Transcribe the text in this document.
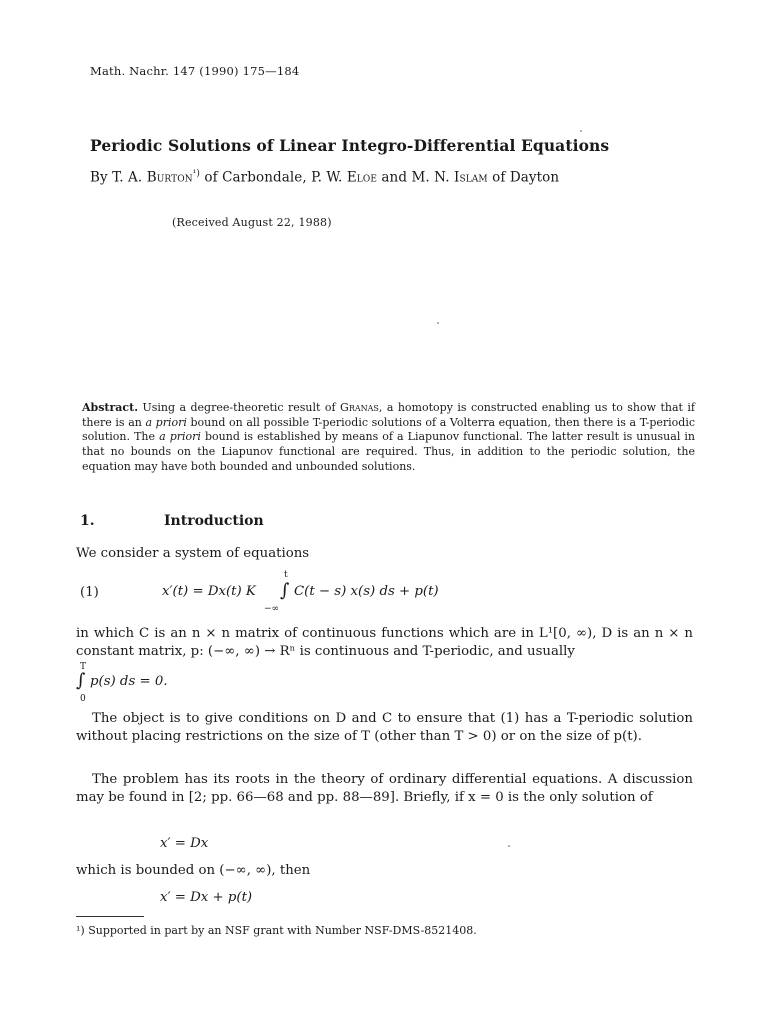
Math. Nachr. 147 (1990) 175—184
Periodic Solutions of Linear Integro-Differential Equations
By T. A. Burton$^{^1)}$ of Carbondale, P. W. Eloe and M. N. Islam of Dayton
(Received August 22, 1988)
Abstract. Using a degree-theoretic result of Granas, a homotopy is constructed enabling us to show that if there is an a priori bound on all possible T-periodic solutions of a Volterra equation, then there is a T-periodic solution. The a priori bound is established by means of a Liapunov functional. The latter result is unusual in that no bounds on the Liapunov functional are required. Thus, in addition to the periodic solution, the equation may have both bounded and unbounded solutions.
1.	Introduction
We consider a system of equations
(1)	x′(t) = Dx(t) K
t
∫
−∞
C(t − s) x(s) ds + p(t)
in which C is an n × n matrix of continuous functions which are in L¹[0, ∞), D is an n × n constant matrix, p: (−∞, ∞) → Rⁿ is continuous and T-periodic, and usually
T
∫
0
p(s) ds = 0.
The object is to give conditions on D and C to ensure that (1) has a T-periodic solution without placing restrictions on the size of T (other than T > 0) or on the size of p(t).
The problem has its roots in the theory of ordinary differential equations. A discussion may be found in [2; pp. 66—68 and pp. 88—89]. Briefly, if x = 0 is the only solution of
x′ = Dx
which is bounded on (−∞, ∞), then
x′ = Dx + p(t)
¹) Supported in part by an NSF grant with Number NSF-DMS-8521408.
